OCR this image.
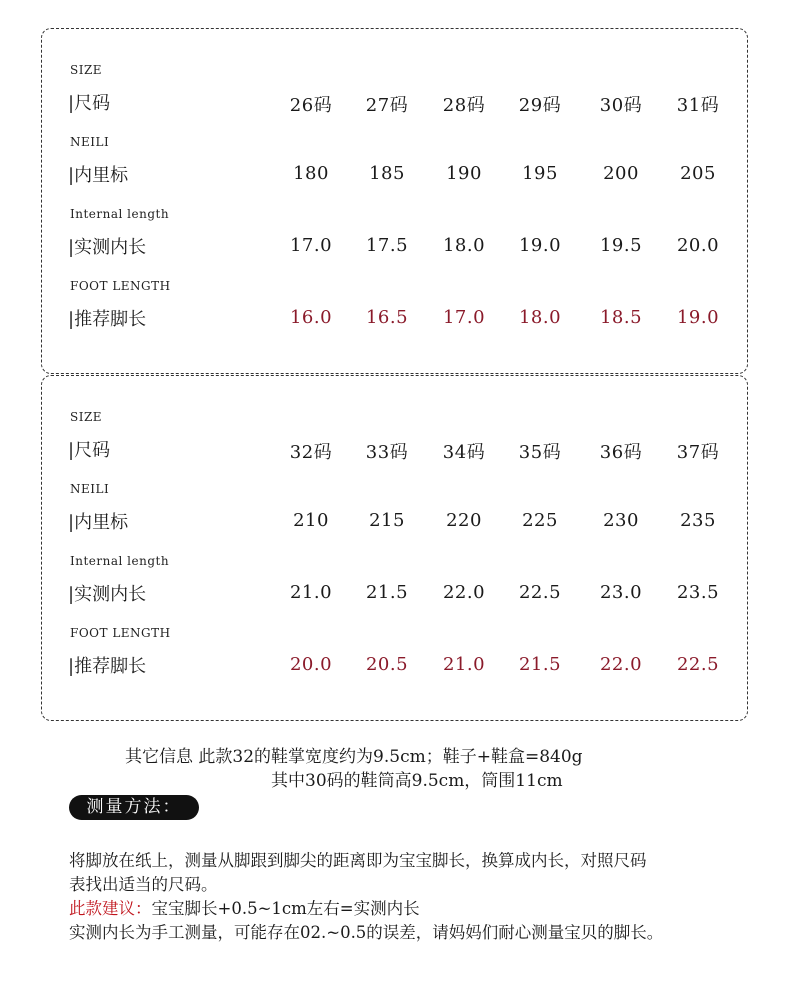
SIZE
|尺码	26码	27码	28码	29码	30码	31码
NEILI
|内里标	180	185	190	195	200	205
Internal length
|实测内长	17.0	17.5	18.0	19.0	19.5	20.0
FOOT LENGTH
|推荐脚长	16.0	16.5	17.0	18.0	18.5	19.0
SIZE
|尺码	32码	33码	34码	35码	36码	37码
NEILI
|内里标	210	215	220	225	230	235
Internal length
|实测内长	21.0	21.5	22.0	22.5	23.0	23.5
FOOT LENGTH
|推荐脚长	20.0	20.5	21.0	21.5	22.0	22.5
其它信息 此款32的鞋掌宽度约为9.5cm；鞋子+鞋盒=840g
其中30码的鞋筒高9.5cm，筒围11cm
测量方法：
将脚放在纸上，测量从脚跟到脚尖的距离即为宝宝脚长，换算成内长，对照尺码
表找出适当的尺码。
此款建议：宝宝脚长+0.5~1cm左右=实测内长
实测内长为手工测量，可能存在02.~0.5的误差，请妈妈们耐心测量宝贝的脚长。
